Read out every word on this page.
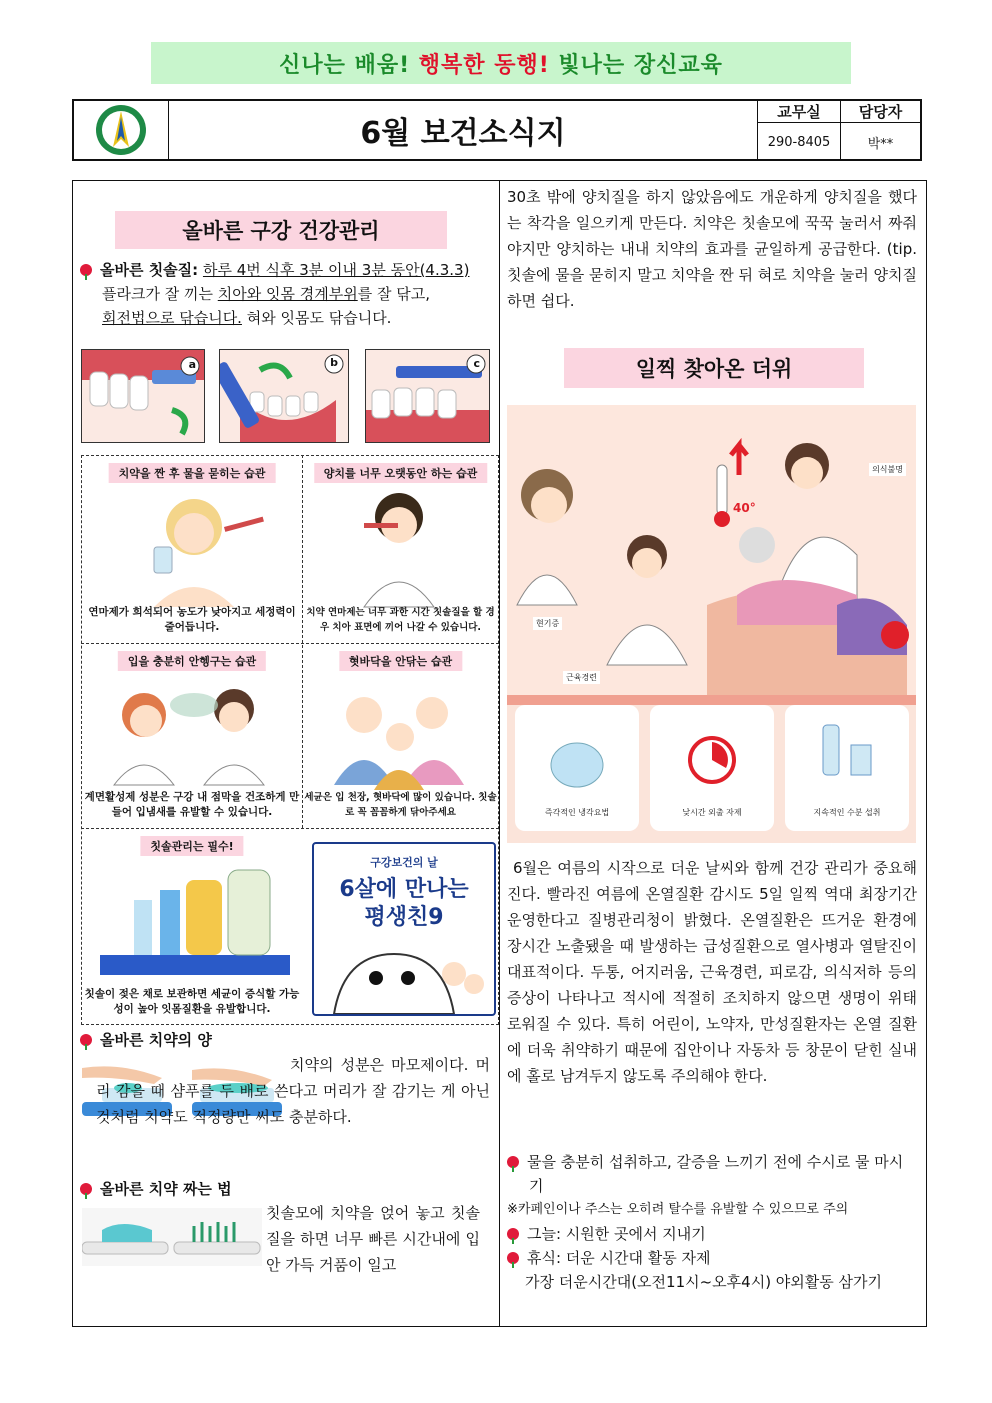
신나는 배움!
행복한 동행!
빛나는 장신교육
6월 보건소식지
교무실	담당자
290-8405	박**
올바른 구강 건강관리
올바른 칫솔질: 하루 4번 식후 3분 이내 3분 동안(4.3.3)
플라크가 잘 끼는 치아와 잇몸 경계부위를 잘 닦고,
회전법으로 닦습니다. 혀와 잇몸도 닦습니다.
a	b	c
치약을 짠 후 물을 묻히는 습관
연마제가 희석되어 농도가 낮아지고 세정력이 줄어듭니다.
양치를 너무 오랫동안 하는 습관
치약 연마제는 너무 과한 시간 칫솔질을 할 경우 치아 표면에 끼어 나갈 수 있습니다.
입을 충분히 안헹구는 습관
계면활성제 성분은 구강 내 점막을 건조하게 만들어 입냄새를 유발할 수 있습니다.
혓바닥을 안닦는 습관
세균은 입 천장, 혓바닥에 많이 있습니다. 칫솔로 꼭 꼼꼼하게 닦아주세요
칫솔관리는 필수!
칫솔이 젖은 채로 보관하면 세균이 증식할 가능성이 높아 잇몸질환을 유발합니다.
구강보건의 날
6살에 만나는
평생친9
올바른 치약의 양
치약의 성분은 마모제이다. 머리 감을 때 샴푸를 두 배로 쓴다고 머리가 잘 감기는 게 아닌 것처럼 치약도 적정량만 써도 충분하다.
올바른 치약 짜는 법
칫솔모에 치약을 얹어 놓고 칫솔질을 하면 너무 빠른 시간내에 입안 가득 거품이 일고
30초 밖에 양치질을 하지 않았음에도 개운하게 양치질을 했다는 착각을 일으키게 만든다. 치약은 칫솔모에 꾹꾹 눌러서 짜줘야지만 양치하는 내내 치약의 효과를 균일하게 공급한다. (tip. 칫솔에 물을 묻히지 말고 치약을 짠 뒤 혀로 치약을 눌러 양치질하면 쉽다.
일찍 찾아온 더위
40°
의식불명
현기증
근육경련
즉각적인 냉각요법	낮시간 외출 자제	지속적인 수분 섭취
6월은 여름의 시작으로 더운 날씨와 함께 건강 관리가 중요해진다. 빨라진 여름에 온열질환 감시도 5일 일찍 역대 최장기간 운영한다고 질병관리청이 밝혔다. 온열질환은 뜨거운 환경에 장시간 노출됐을 때 발생하는 급성질환으로 열사병과 열탈진이 대표적이다. 두통, 어지러움, 근육경련, 피로감, 의식저하 등의 증상이 나타나고 적시에 적절히 조치하지 않으면 생명이 위태로워질 수 있다. 특히 어린이, 노약자, 만성질환자는 온열 질환에 더욱 취약하기 때문에 집안이나 자동차 등 창문이 닫힌 실내에 홀로 남겨두지 않도록 주의해야 한다.
물을 충분히 섭취하고, 갈증을 느끼기 전에 수시로 물 마시기
※카페인이나 주스는 오히려 탈수를 유발할 수 있으므로 주의
그늘: 시원한 곳에서 지내기
휴식: 더운 시간대 활동 자제
가장 더운시간대(오전11시~오후4시) 야외활동 삼가기
